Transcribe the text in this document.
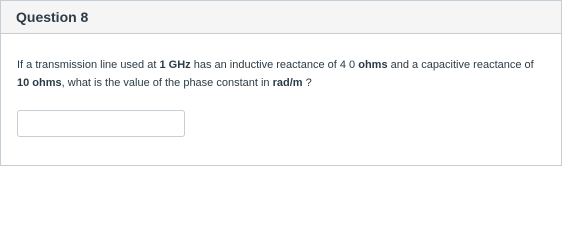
Question 8

If a transmission line used at 1 GHz has an inductive reactance of 4 0 ohms and a capacitive reactance of 10 ohms, what is the value of the phase constant in rad/m ?
